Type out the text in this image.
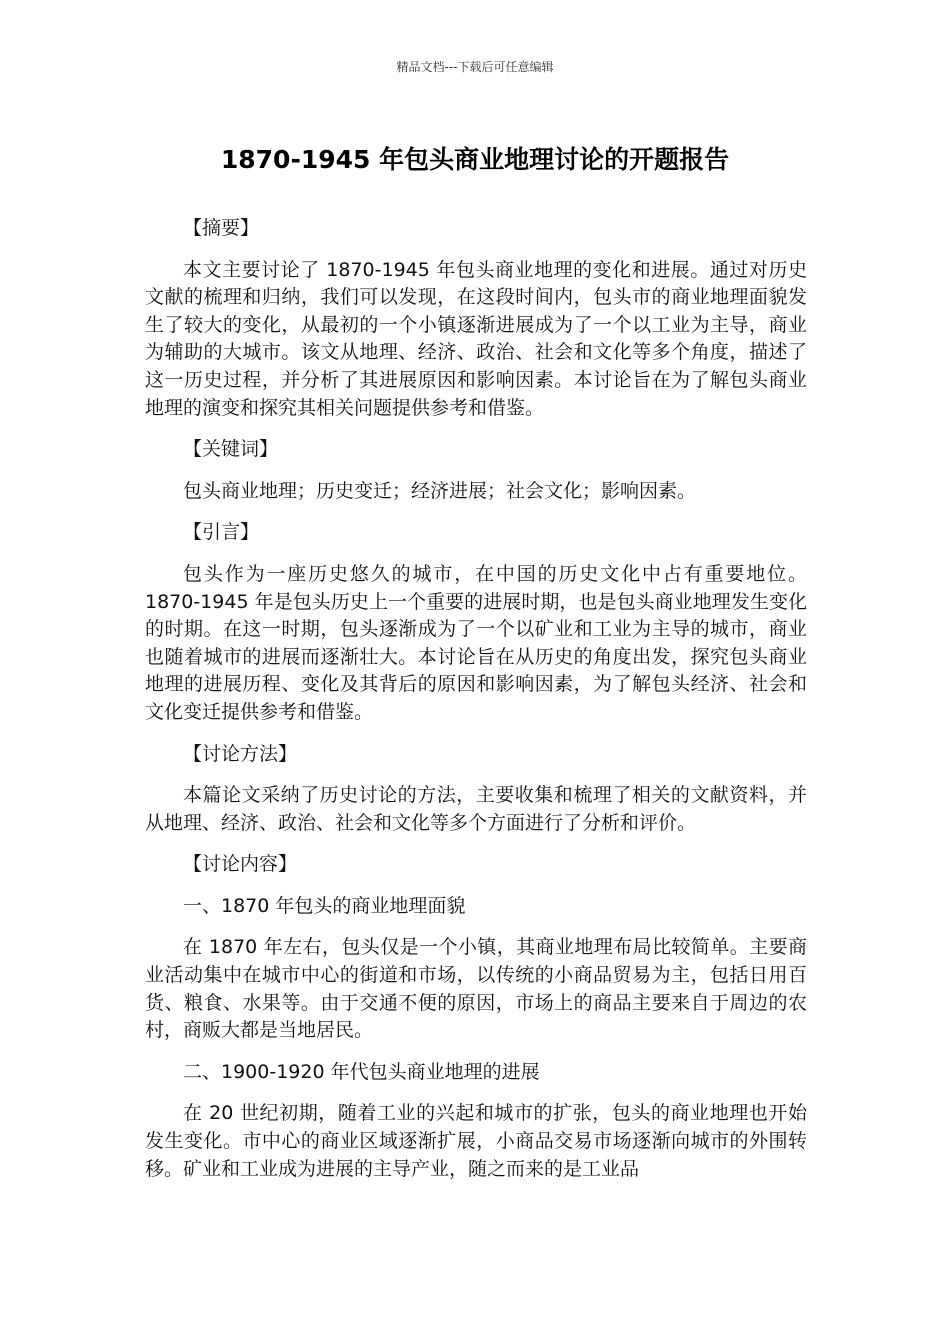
精品文档---下载后可任意编辑
1870-1945 年包头商业地理讨论的开题报告

【摘要】

本文主要讨论了 1870-1945 年包头商业地理的变化和进展。通过对历史文献的梳理和归纳，我们可以发现，在这段时间内，包头市的商业地理面貌发生了较大的变化，从最初的一个小镇逐渐进展成为了一个以工业为主导，商业为辅助的大城市。该文从地理、经济、政治、社会和文化等多个角度，描述了这一历史过程，并分析了其进展原因和影响因素。本讨论旨在为了解包头商业地理的演变和探究其相关问题提供参考和借鉴。

【关键词】

包头商业地理；历史变迁；经济进展；社会文化；影响因素。

【引言】

包头作为一座历史悠久的城市，在中国的历史文化中占有重要地位。1870-1945 年是包头历史上一个重要的进展时期，也是包头商业地理发生变化的时期。在这一时期，包头逐渐成为了一个以矿业和工业为主导的城市，商业也随着城市的进展而逐渐壮大。本讨论旨在从历史的角度出发，探究包头商业地理的进展历程、变化及其背后的原因和影响因素，为了解包头经济、社会和文化变迁提供参考和借鉴。

【讨论方法】

本篇论文采纳了历史讨论的方法，主要收集和梳理了相关的文献资料，并从地理、经济、政治、社会和文化等多个方面进行了分析和评价。

【讨论内容】

一、1870 年包头的商业地理面貌

在 1870 年左右，包头仅是一个小镇，其商业地理布局比较简单。主要商业活动集中在城市中心的街道和市场，以传统的小商品贸易为主，包括日用百货、粮食、水果等。由于交通不便的原因，市场上的商品主要来自于周边的农村，商贩大都是当地居民。

二、1900-1920 年代包头商业地理的进展

在 20 世纪初期，随着工业的兴起和城市的扩张，包头的商业地理也开始发生变化。市中心的商业区域逐渐扩展，小商品交易市场逐渐向城市的外围转移。矿业和工业成为进展的主导产业，随之而来的是工业品
